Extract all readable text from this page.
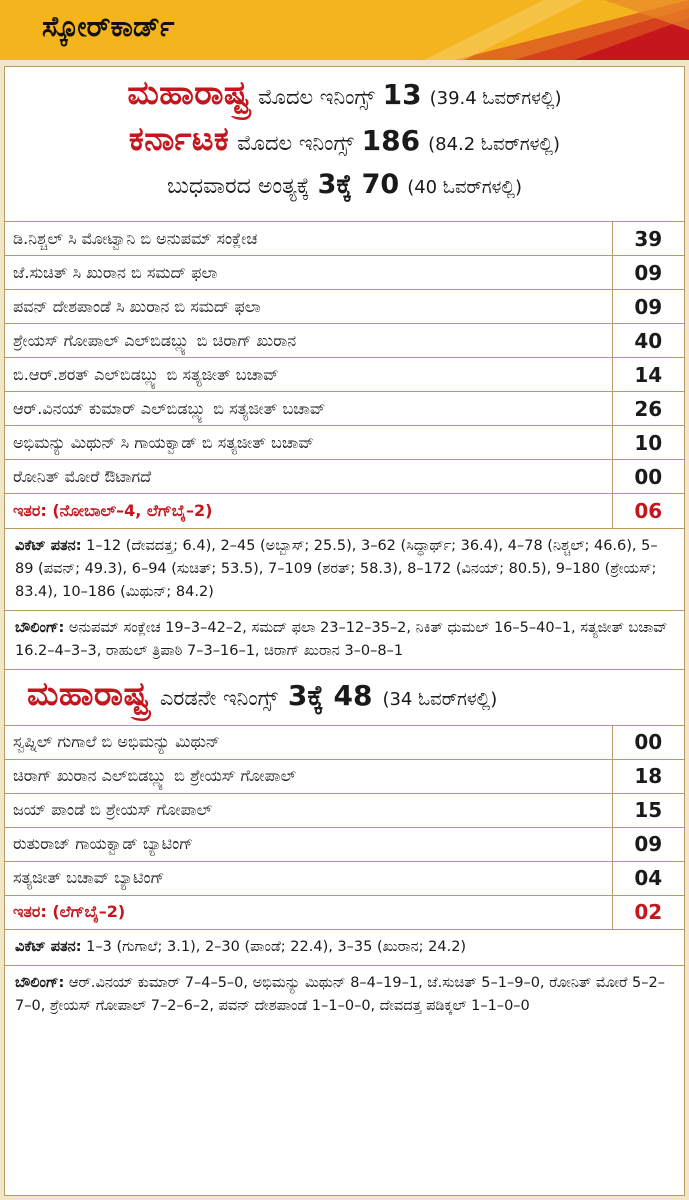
ಸ್ಕೋರ್‌ಕಾರ್ಡ್
ಮಹಾರಾಷ್ಟ್ರ ಮೊದಲ ಇನಿಂಗ್ಸ್ 13 (39.4 ಓವರ್‌ಗಳಲ್ಲಿ)
ಕರ್ನಾಟಕ ಮೊದಲ ಇನಿಂಗ್ಸ್ 186 (84.2 ಓವರ್‌ಗಳಲ್ಲಿ)
ಬುಧವಾರದ ಅಂತ್ಯಕ್ಕೆ 3ಕ್ಕೆ 70 (40 ಓವರ್‌ಗಳಲ್ಲಿ)
ಡಿ.ನಿಶ್ಚಲ್ ಸಿ ಮೋಟ್ವಾನಿ ಬಿ ಅನುಪಮ್ ಸಂಕ್ಲೇಚ	39
ಜೆ.ಸುಚಿತ್ ಸಿ ಖುರಾನ ಬಿ ಸಮದ್ ಫಲಾ	09
ಪವನ್ ದೇಶಪಾಂಡೆ ಸಿ ಖುರಾನ ಬಿ ಸಮದ್ ಫಲಾ	09
ಶ್ರೇಯಸ್ ಗೋಪಾಲ್ ಎಲ್‌ಬಿಡಬ್ಲ್ಯು ಬಿ ಚಿರಾಗ್ ಖುರಾನ	40
ಬಿ.ಆರ್.ಶರತ್ ಎಲ್‌ಬಿಡಬ್ಲ್ಯು ಬಿ ಸತ್ಯಜೀತ್ ಬಚಾವ್	14
ಆರ್.ವಿನಯ್ ಕುಮಾರ್ ಎಲ್‌ಬಿಡಬ್ಲ್ಯು ಬಿ ಸತ್ಯಜೀತ್ ಬಚಾವ್	26
ಅಭಿಮನ್ಯು ಮಿಥುನ್ ಸಿ ಗಾಯಕ್ವಾಡ್ ಬಿ ಸತ್ಯಜೀತ್ ಬಚಾವ್	10
ರೋನಿತ್ ಮೋರೆ ಔಟಾಗದೆ	00
ಇತರ: (ನೋಬಾಲ್–4, ಲೆಗ್‌ಬೈ–2)	06
ವಿಕೆಟ್ ಪತನ: 1–12 (ದೇವದತ್ತ; 6.4), 2–45 (ಅಬ್ಬಾಸ್; 25.5), 3–62 (ಸಿದ್ಧಾರ್ಥ್; 36.4), 4–78 (ನಿಶ್ಚಲ್; 46.6), 5–89 (ಪವನ್; 49.3), 6–94 (ಸುಚಿತ್; 53.5), 7–109 (ಶರತ್; 58.3), 8–172 (ವಿನಯ್; 80.5), 9–180 (ಶ್ರೇಯಸ್; 83.4), 10–186 (ಮಿಥುನ್; 84.2)
ಬೌಲಿಂಗ್: ಅನುಪಮ್ ಸಂಕ್ಲೇಚ 19–3–42–2, ಸಮದ್ ಫಲಾ 23–12–35–2, ನಿಕಿತ್ ಧುಮಲ್ 16–5–40–1, ಸತ್ಯಜೀತ್ ಬಚಾವ್ 16.2–4–3–3, ರಾಹುಲ್ ತ್ರಿಪಾಠಿ 7–3–16–1, ಚಿರಾಗ್ ಖುರಾನ 3–0–8–1
ಮಹಾರಾಷ್ಟ್ರ ಎರಡನೇ ಇನಿಂಗ್ಸ್ 3ಕ್ಕೆ 48 (34 ಓವರ್‌ಗಳಲ್ಲಿ)
ಸ್ವಪ್ನಿಲ್ ಗುಗಾಲೆ ಬಿ ಅಭಿಮನ್ಯು ಮಿಥುನ್	00
ಚಿರಾಗ್ ಖುರಾನ ಎಲ್‌ಬಿಡಬ್ಲ್ಯು ಬಿ ಶ್ರೇಯಸ್ ಗೋಪಾಲ್	18
ಜಯ್ ಪಾಂಡೆ ಬಿ ಶ್ರೇಯಸ್ ಗೋಪಾಲ್	15
ರುತುರಾಜ್ ಗಾಯಕ್ವಾಡ್ ಬ್ಯಾಟಿಂಗ್	09
ಸತ್ಯಜೀತ್ ಬಚಾವ್ ಬ್ಯಾಟಿಂಗ್	04
ಇತರ: (ಲೆಗ್‌ಬೈ–2)	02
ವಿಕೆಟ್ ಪತನ: 1–3 (ಗುಗಾಲೆ; 3.1), 2–30 (ಪಾಂಡೆ; 22.4), 3–35 (ಖುರಾನ; 24.2)
ಬೌಲಿಂಗ್: ಆರ್.ವಿನಯ್ ಕುಮಾರ್ 7–4–5–0, ಅಭಿಮನ್ಯು ಮಿಥುನ್ 8–4–19–1, ಜೆ.ಸುಚಿತ್ 5–1–9–0, ರೋನಿತ್ ಮೋರೆ 5–2–7–0, ಶ್ರೇಯಸ್ ಗೋಪಾಲ್ 7–2–6–2, ಪವನ್ ದೇಶಪಾಂಡೆ 1–1–0–0, ದೇವದತ್ತ ಪಡಿಕ್ಕಲ್ 1–1–0–0
